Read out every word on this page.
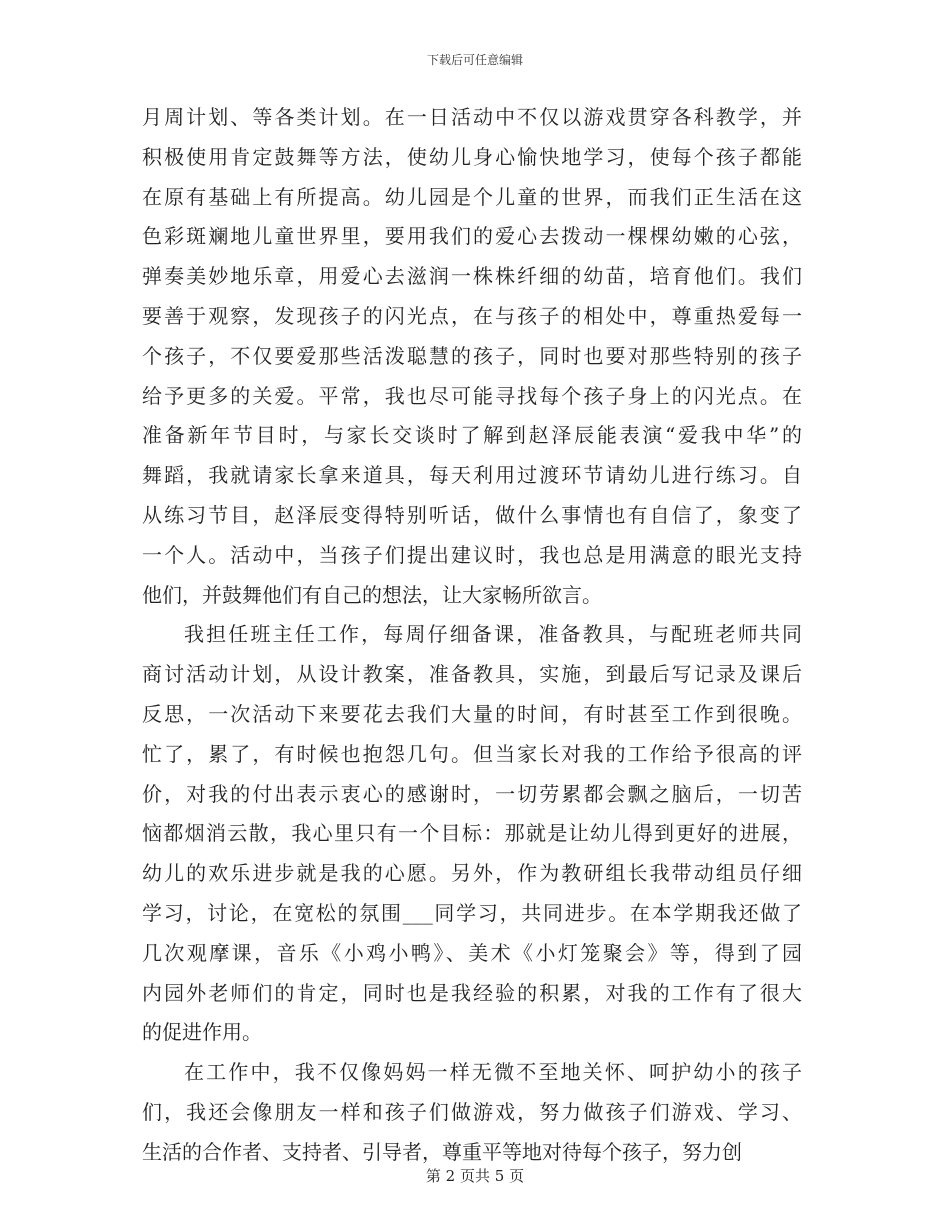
下载后可任意编辑
月周计划、等各类计划。在一日活动中不仅以游戏贯穿各科教学，并
积极使用肯定鼓舞等方法，使幼儿身心愉快地学习，使每个孩子都能
在原有基础上有所提高。幼儿园是个儿童的世界，而我们正生活在这
色彩斑斓地儿童世界里，要用我们的爱心去拨动一棵棵幼嫩的心弦，
弹奏美妙地乐章，用爱心去滋润一株株纤细的幼苗，培育他们。我们
要善于观察，发现孩子的闪光点，在与孩子的相处中，尊重热爱每一
个孩子，不仅要爱那些活泼聪慧的孩子，同时也要对那些特别的孩子
给予更多的关爱。平常，我也尽可能寻找每个孩子身上的闪光点。在
准备新年节目时，与家长交谈时了解到赵泽辰能表演“爱我中华”的
舞蹈，我就请家长拿来道具，每天利用过渡环节请幼儿进行练习。自
从练习节目，赵泽辰变得特别听话，做什么事情也有自信了，象变了
一个人。活动中，当孩子们提出建议时，我也总是用满意的眼光支持
他们，并鼓舞他们有自己的想法，让大家畅所欲言。
我担任班主任工作，每周仔细备课，准备教具，与配班老师共同
商讨活动计划，从设计教案，准备教具，实施，到最后写记录及课后
反思，一次活动下来要花去我们大量的时间，有时甚至工作到很晚。
忙了，累了，有时候也抱怨几句。但当家长对我的工作给予很高的评
价，对我的付出表示衷心的感谢时，一切劳累都会飘之脑后，一切苦
恼都烟消云散，我心里只有一个目标：那就是让幼儿得到更好的进展，
幼儿的欢乐进步就是我的心愿。另外，作为教研组长我带动组员仔细
学习，讨论，在宽松的氛围___同学习，共同进步。在本学期我还做了
几次观摩课，音乐《小鸡小鸭》、美术《小灯笼聚会》等，得到了园
内园外老师们的肯定，同时也是我经验的积累，对我的工作有了很大
的促进作用。
在工作中，我不仅像妈妈一样无微不至地关怀、呵护幼小的孩子
们，我还会像朋友一样和孩子们做游戏，努力做孩子们游戏、学习、
生活的合作者、支持者、引导者，尊重平等地对待每个孩子，努力创
第 2 页共 5 页
